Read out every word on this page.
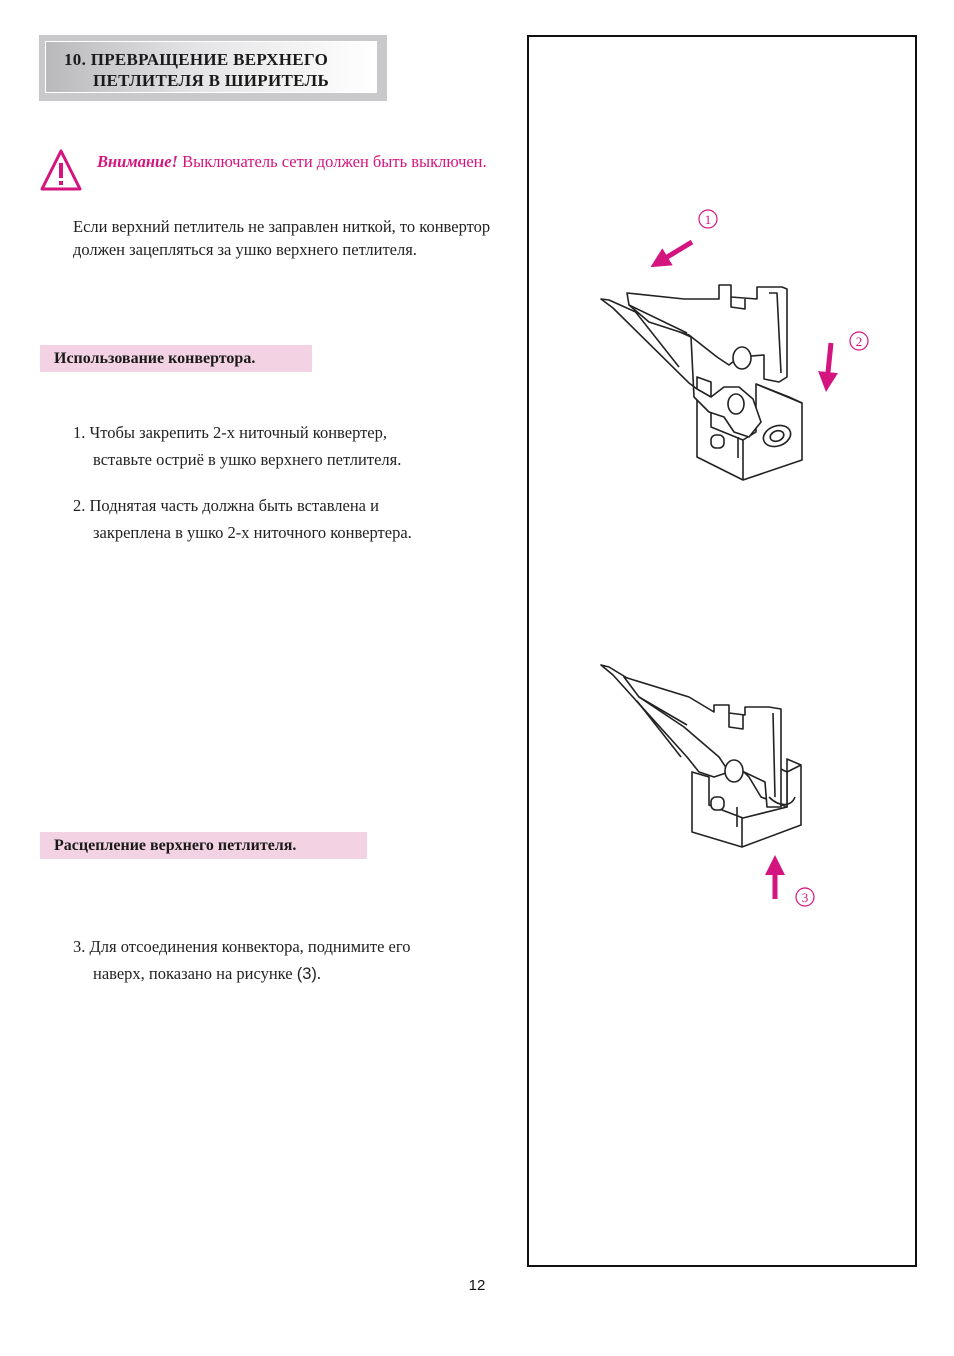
10. ПРЕВРАЩЕНИЕ ВЕРХНЕГО
ПЕТЛИТЕЛЯ В ШИРИТЕЛЬ
Внимание! Выключатель сети должен быть выключен.
Если верхний петлитель не заправлен ниткой, то конвертор должен зацепляться за ушко верхнего петлителя.
Использование конвертора.
1. Чтобы закрепить 2-х ниточный конвертер,
вставьте остриё в ушко верхнего петлителя.
2. Поднятая часть должна быть вставлена и
закреплена в ушко 2-х ниточного конвертера.
Расцепление верхнего петлителя.
3. Для отсоединения конвектора, поднимите его
наверх, показано на рисунке (3).
1
2
3
12
